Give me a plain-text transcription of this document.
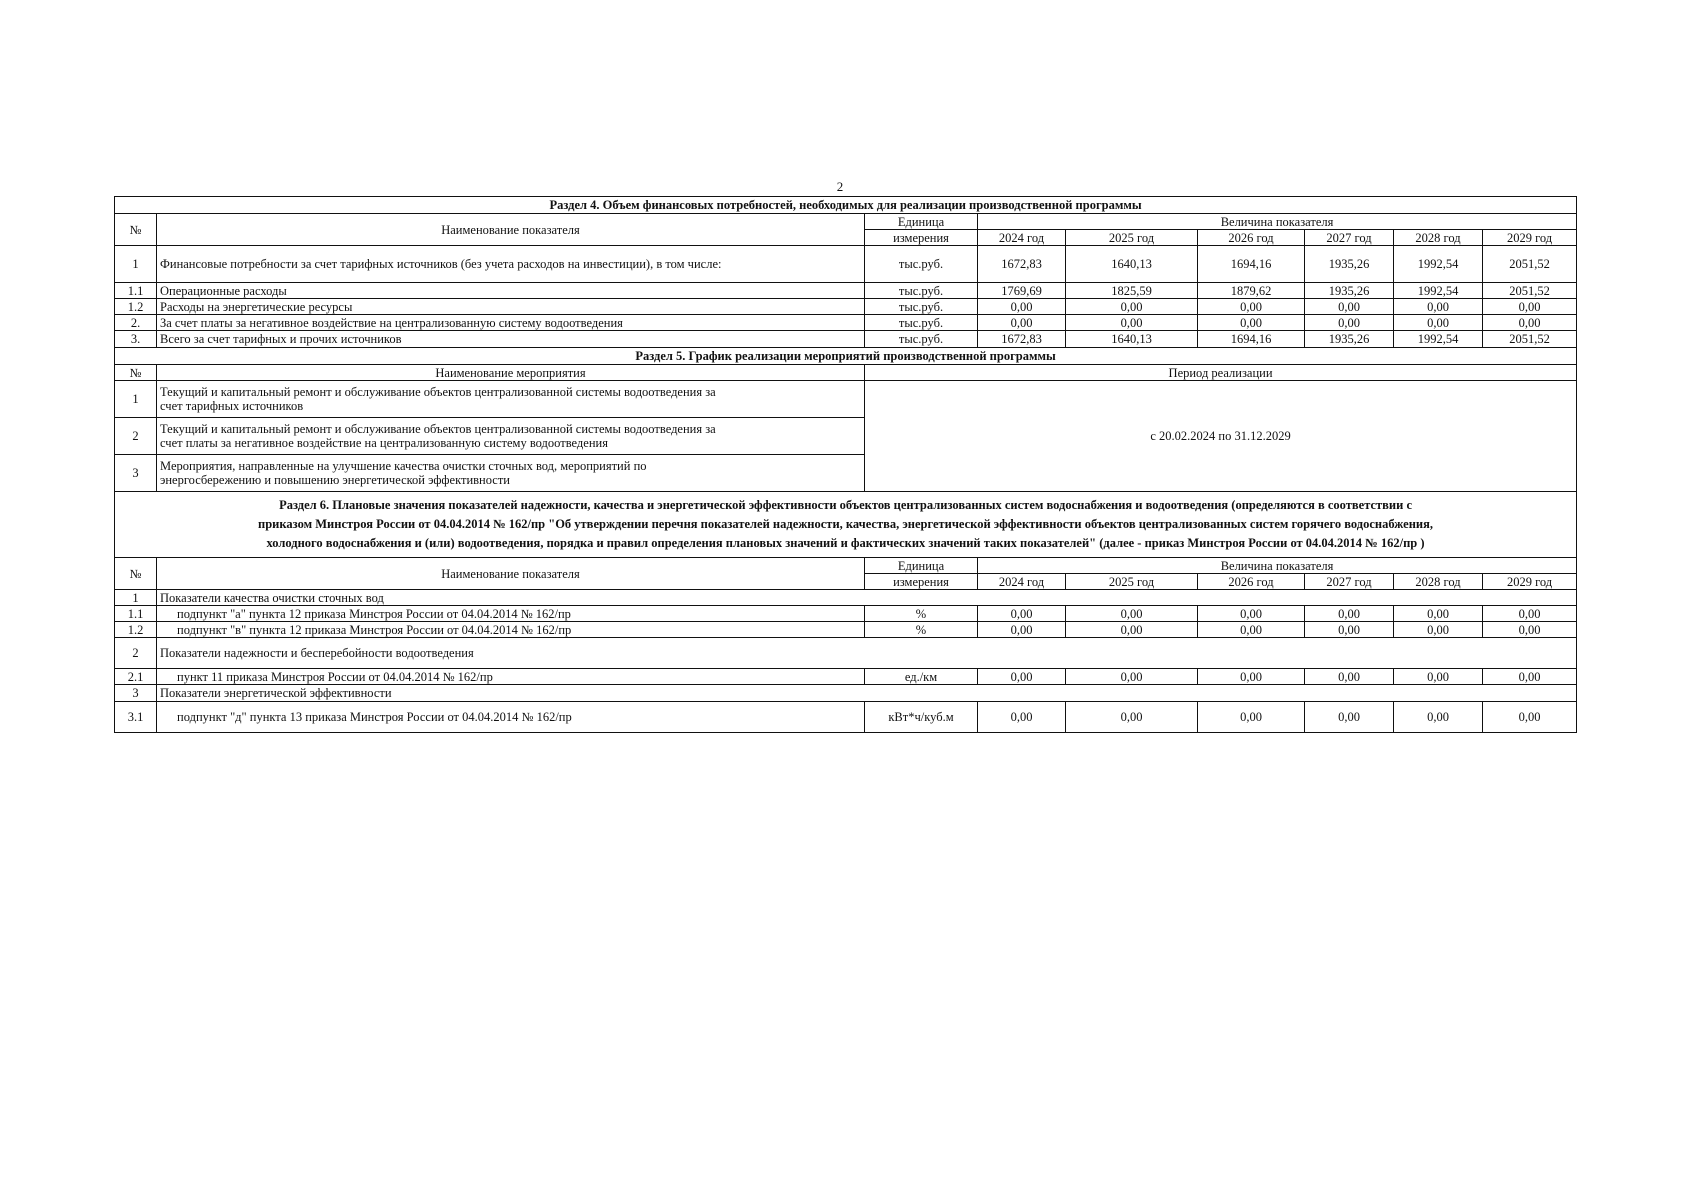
2
Раздел 4. Объем финансовых потребностей, необходимых для реализации производственной программы								
№	Наименование показателя	Единица	Величина показателя					
		измерения	2024 год	2025 год	2026 год	2027 год	2028 год	2029 год
1	Финансовые потребности за счет тарифных источников (без учета расходов на инвестиции), в том числе:	тыс.руб.	1672,83	1640,13	1694,16	1935,26	1992,54	2051,52
1.1	Операционные расходы	тыс.руб.	1769,69	1825,59	1879,62	1935,26	1992,54	2051,52
1.2	Расходы на энергетические ресурсы	тыс.руб.	0,00	0,00	0,00	0,00	0,00	0,00
2.	За счет платы за негативное воздействие на централизованную систему водоотведения	тыс.руб.	0,00	0,00	0,00	0,00	0,00	0,00
3.	Всего за счет тарифных и прочих источников	тыс.руб.	1672,83	1640,13	1694,16	1935,26	1992,54	2051,52
Раздел 5. График реализации мероприятий производственной программы								
№	Наименование мероприятия	Период реализации						
1	Текущий и капитальный ремонт и обслуживание объектов централизованной системы водоотведения за
счет тарифных источников	с 20.02.2024 по 31.12.2029						
2	Текущий и капитальный ремонт и обслуживание объектов централизованной системы водоотведения за
счет платы за негативное воздействие на централизованную систему водоотведения							
3	Мероприятия, направленные на улучшение качества очистки сточных вод, мероприятий по
энергосбережению и повышению энергетической эффективности							
Раздел 6. Плановые значения показателей надежности, качества и энергетической эффективности объектов централизованных систем водоснабжения и водоотведения (определяются в соответствии с
приказом Минстроя России от 04.04.2014 № 162/пр "Об утверждении перечня показателей надежности, качества, энергетической эффективности объектов централизованных систем горячего водоснабжения,
холодного водоснабжения и (или) водоотведения, порядка и правил определения плановых значений и фактических значений таких показателей" (далее - приказ Минстроя России от 04.04.2014 № 162/пр )								
№	Наименование показателя	Единица	Величина показателя					
		измерения	2024 год	2025 год	2026 год	2027 год	2028 год	2029 год
1	Показатели качества очистки сточных вод							
1.1	подпункт "а" пункта 12 приказа Минстроя России от 04.04.2014 № 162/пр	%	0,00	0,00	0,00	0,00	0,00	0,00
1.2	подпункт "в" пункта 12 приказа Минстроя России от 04.04.2014 № 162/пр	%	0,00	0,00	0,00	0,00	0,00	0,00
2	Показатели надежности и бесперебойности водоотведения							
2.1	пункт 11 приказа Минстроя России от 04.04.2014 № 162/пр	ед./км	0,00	0,00	0,00	0,00	0,00	0,00
3	Показатели энергетической эффективности							
3.1	подпункт "д" пункта 13 приказа Минстроя России от 04.04.2014 № 162/пр	кВт*ч/куб.м	0,00	0,00	0,00	0,00	0,00	0,00
